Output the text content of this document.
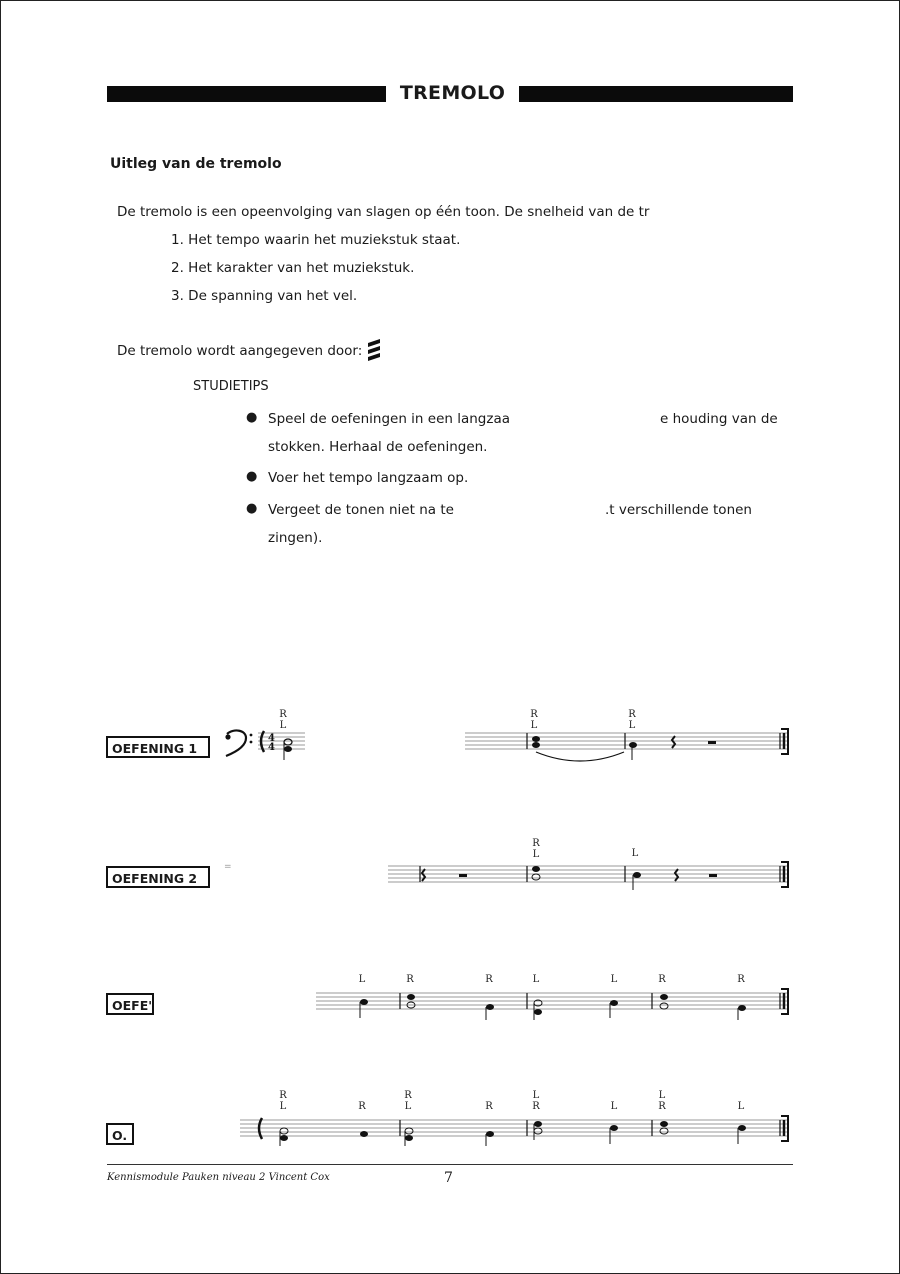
TREMOLO
Uitleg van de tremolo
De tremolo is een opeenvolging van slagen op één toon. De snelheid van de tr
1. Het tempo waarin het muziekstuk staat.
2. Het karakter van het muziekstuk.
3. De spanning van het vel.
De tremolo wordt aangegeven door:
STUDIETIPS
● Speel de oefeningen in een langzaa	e houding van de
stokken. Herhaal de oefeningen.
● Voer het tempo langzaam op.
● Vergeet de tonen niet na te	.t verschillende tonen
zingen).
OEFENING 1
OEFENING 2
OEFE'
O.
4
4
=
R
L
R
L
R
L
R
L	L
L	R	R	L	L	R	R
R
L	R
R
L	R
L
R	L
L
R	L
Kennismodule Pauken niveau 2 Vincent Cox	7
